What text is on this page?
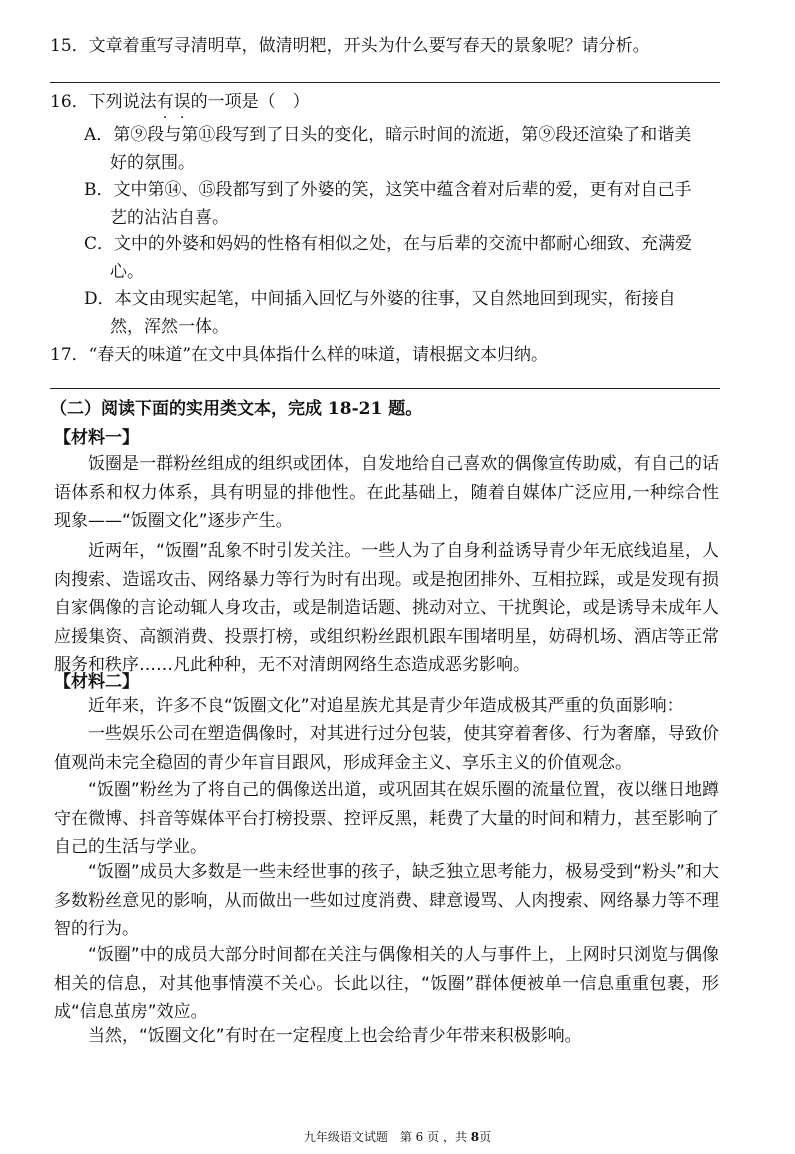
15．文章着重写寻清明草，做清明粑，开头为什么要写春天的景象呢？请分析。
16．下列说法有误的一项是（　）
A．第⑨段与第⑪段写到了日头的变化，暗示时间的流逝，第⑨段还渲染了和谐美
好的氛围。
B．文中第⑭、⑮段都写到了外婆的笑，这笑中蕴含着对后辈的爱，更有对自己手
艺的沾沾自喜。
C．文中的外婆和妈妈的性格有相似之处，在与后辈的交流中都耐心细致、充满爱
心。
D．本文由现实起笔，中间插入回忆与外婆的往事，又自然地回到现实，衔接自
然，浑然一体。
17．“春天的味道”在文中具体指什么样的味道，请根据文本归纳。
（二）阅读下面的实用类文本，完成 18-21 题。
【材料一】
饭圈是一群粉丝组成的组织或团体，自发地给自己喜欢的偶像宣传助威，有自己的话语体系和权力体系，具有明显的排他性。在此基础上，随着自媒体广泛应用,一种综合性现象——“饭圈文化”逐步产生。
近两年，“饭圈”乱象不时引发关注。一些人为了自身利益诱导青少年无底线追星，人肉搜索、造谣攻击、网络暴力等行为时有出现。或是抱团排外、互相拉踩，或是发现有损自家偶像的言论动辄人身攻击，或是制造话题、挑动对立、干扰舆论，或是诱导未成年人应援集资、高额消费、投票打榜，或组织粉丝跟机跟车围堵明星，妨碍机场、酒店等正常服务和秩序……凡此种种，无不对清朗网络生态造成恶劣影响。
【材料二】
近年来，许多不良“饭圈文化”对追星族尤其是青少年造成极其严重的负面影响：
一些娱乐公司在塑造偶像时，对其进行过分包装，使其穿着奢侈、行为奢靡，导致价值观尚未完全稳固的青少年盲目跟风，形成拜金主义、享乐主义的价值观念。
“饭圈”粉丝为了将自己的偶像送出道，或巩固其在娱乐圈的流量位置，夜以继日地蹲守在微博、抖音等媒体平台打榜投票、控评反黑，耗费了大量的时间和精力，甚至影响了自己的生活与学业。
“饭圈”成员大多数是一些未经世事的孩子，缺乏独立思考能力，极易受到“粉头”和大多数粉丝意见的影响，从而做出一些如过度消费、肆意谩骂、人肉搜索、网络暴力等不理智的行为。
“饭圈”中的成员大部分时间都在关注与偶像相关的人与事件上，上网时只浏览与偶像相关的信息，对其他事情漠不关心。长此以往，“饭圈”群体便被单一信息重重包裹，形成“信息茧房”效应。
当然，“饭圈文化”有时在一定程度上也会给青少年带来积极影响。
九年级语文试题　第 6 页 ，共 8页
